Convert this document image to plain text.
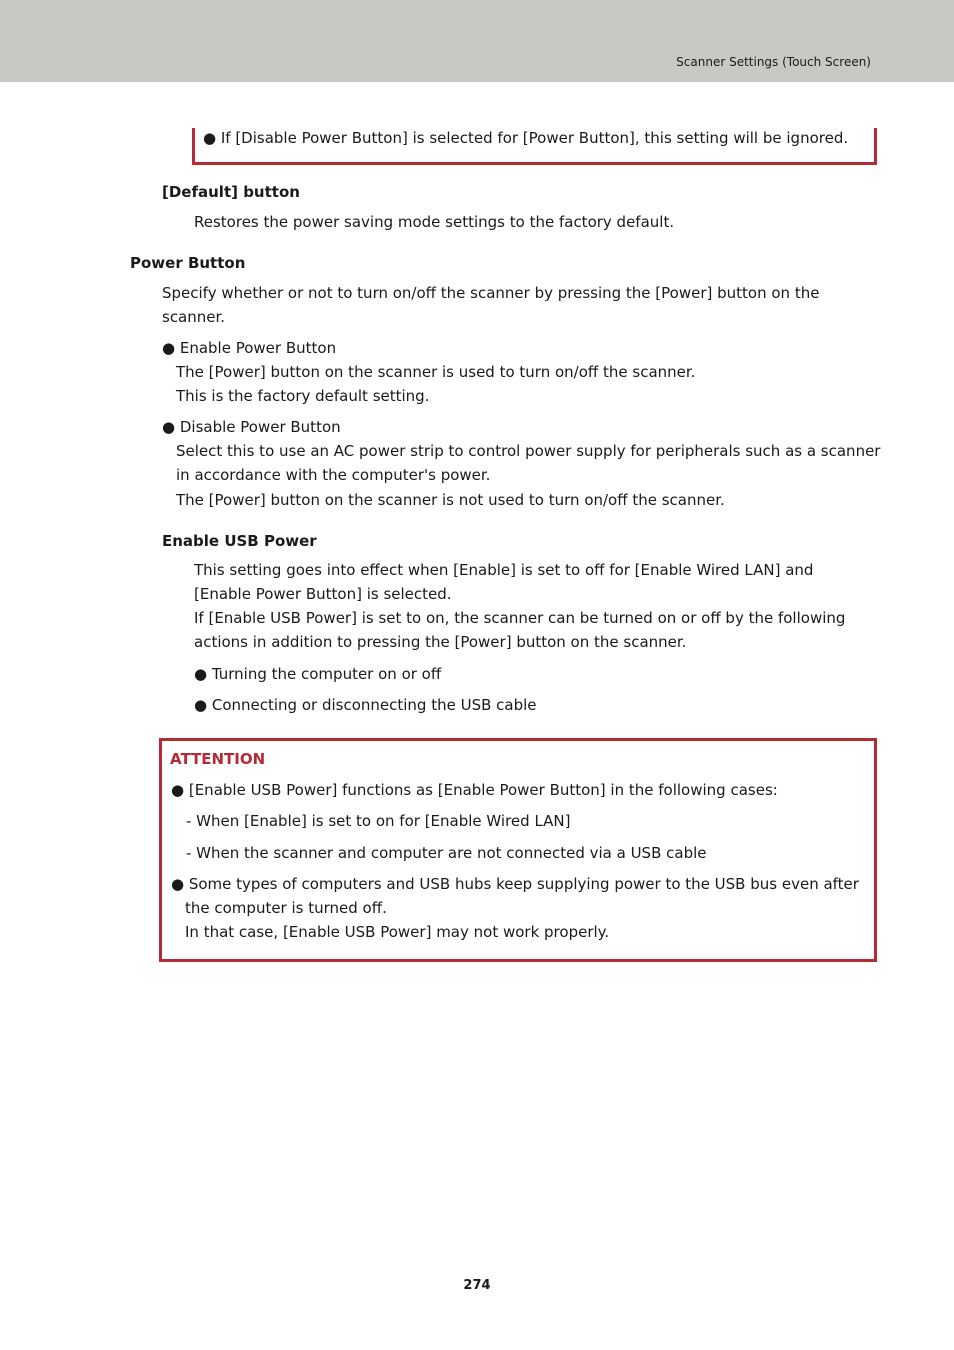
Scanner Settings (Touch Screen)

● If [Disable Power Button] is selected for [Power Button], this setting will be ignored.

[Default] button

Restores the power saving mode settings to the factory default.

Power Button

Specify whether or not to turn on/off the scanner by pressing the [Power] button on the

scanner.

● Enable Power Button

The [Power] button on the scanner is used to turn on/off the scanner.

This is the factory default setting.

● Disable Power Button

Select this to use an AC power strip to control power supply for peripherals such as a scanner

in accordance with the computer's power.

The [Power] button on the scanner is not used to turn on/off the scanner.

Enable USB Power

This setting goes into effect when [Enable] is set to off for [Enable Wired LAN] and

[Enable Power Button] is selected.

If [Enable USB Power] is set to on, the scanner can be turned on or off by the following

actions in addition to pressing the [Power] button on the scanner.

● Turning the computer on or off

● Connecting or disconnecting the USB cable

ATTENTION

● [Enable USB Power] functions as [Enable Power Button] in the following cases:

- When [Enable] is set to on for [Enable Wired LAN]

- When the scanner and computer are not connected via a USB cable

● Some types of computers and USB hubs keep supplying power to the USB bus even after

the computer is turned off.

In that case, [Enable USB Power] may not work properly.

274
